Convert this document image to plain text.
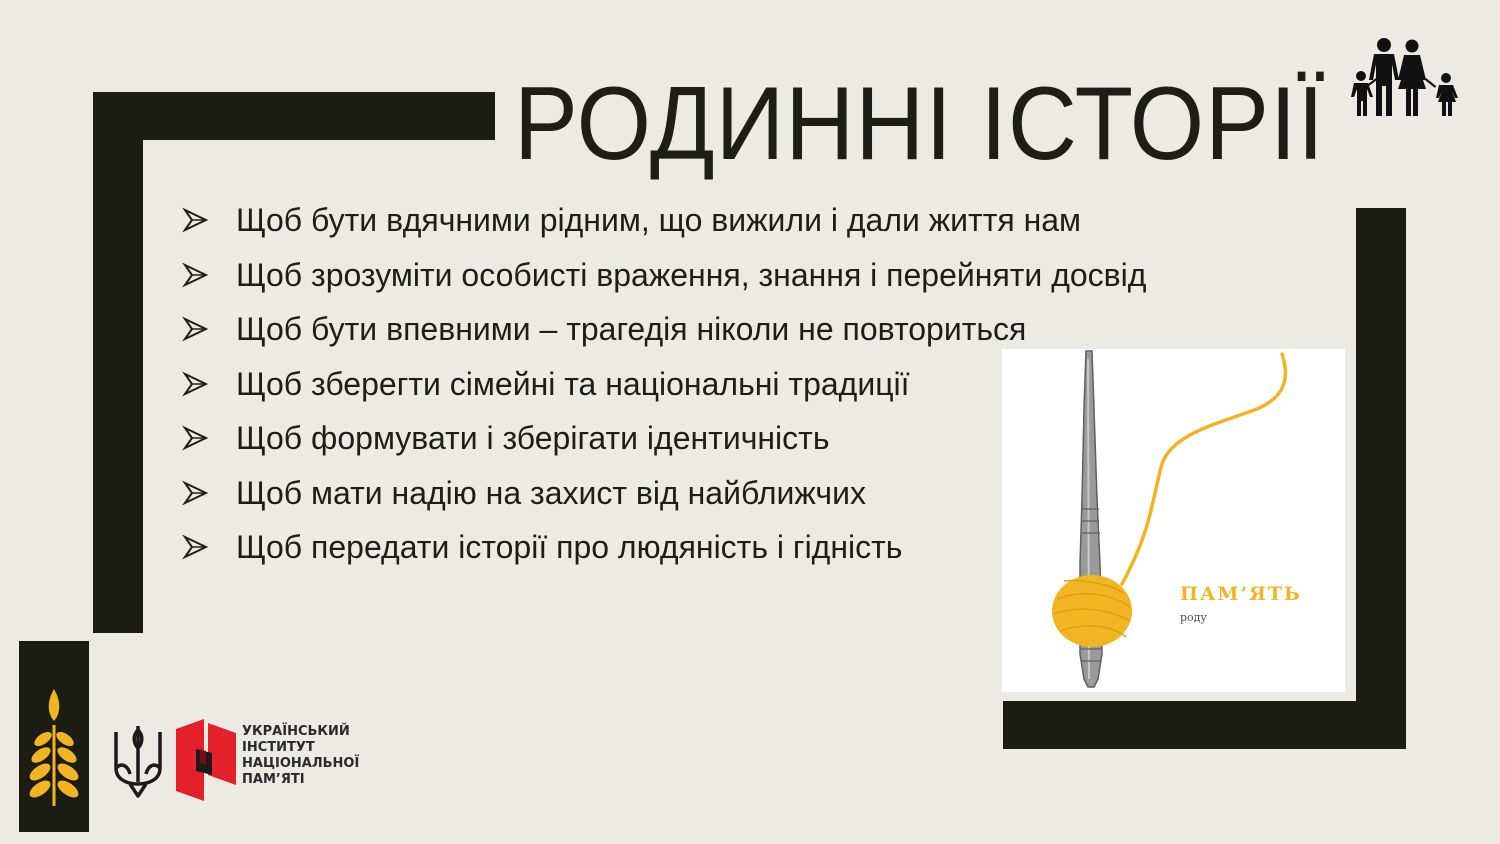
РОДИННІ ІСТОРІЇ
Щоб бути вдячними рідним, що вижили і дали життя нам
Щоб зрозуміти особисті враження, знання і перейняти досвід
Щоб бути впевними – трагедія ніколи не повториться
Щоб зберегти сімейні та національні традиції
Щоб формувати і зберігати ідентичність
Щоб мати надію на захист від найближчих
Щоб передати історії про людяність і гідність
ПАМ’ЯТЬ
роду
УКРАЇНСЬКИЙ
ІНСТИТУТ
НАЦІОНАЛЬНОЇ
ПАМ’ЯТІ
